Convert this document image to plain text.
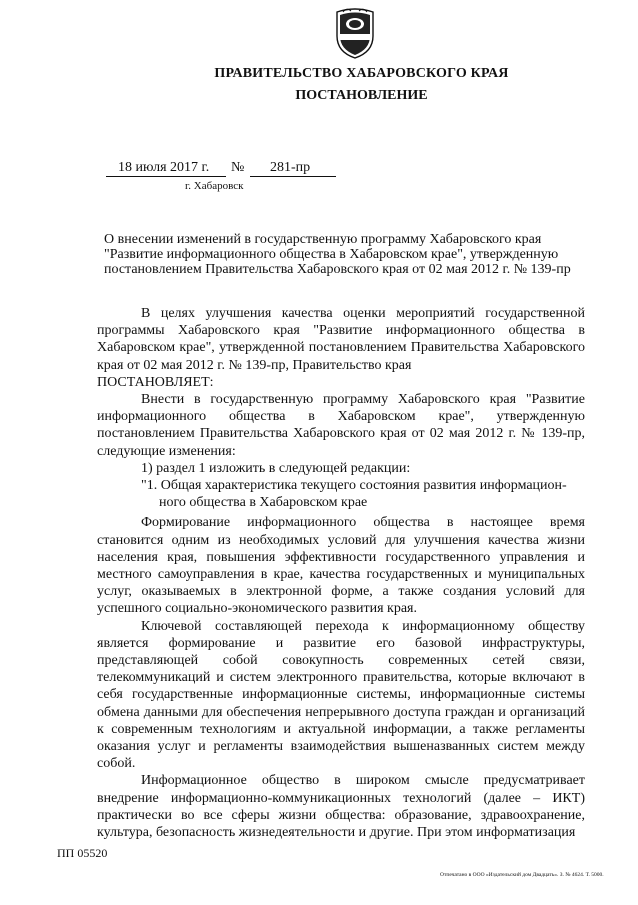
ПРАВИТЕЛЬСТВО ХАБАРОВСКОГО КРАЯ
ПОСТАНОВЛЕНИЕ
18 июля 2017 г. № 281-пр
г. Хабаровск
О внесении изменений в государственную программу Хабаровского края
"Развитие информационного общества в Хабаровском крае", утвержденную
постановлением Правительства Хабаровского края от 02 мая 2012 г. № 139-пр

В целях улучшения качества оценки мероприятий государственной программы Хабаровского края "Развитие информационного общества в Хабаровском крае", утвержденной постановлением Правительства Хабаровского края от 02 мая 2012 г. № 139-пр, Правительство края

ПОСТАНОВЛЯЕТ:

Внести в государственную программу Хабаровского края "Развитие информационного общества в Хабаровском крае", утвержденную постановлением Правительства Хабаровского края от 02 мая 2012 г. № 139-пр, следующие изменения:

1) раздел 1 изложить в следующей редакции:

"1. Общая характеристика текущего состояния развития информацион-

ного общества в Хабаровском крае

Формирование информационного общества в настоящее время становится одним из необходимых условий для улучшения качества жизни населения края, повышения эффективности государственного управления и местного самоуправления в крае, качества государственных и муниципальных услуг, оказываемых в электронной форме, а также создания условий для успешного социально-экономического развития края.

Ключевой составляющей перехода к информационному обществу является формирование и развитие его базовой инфраструктуры, представляющей собой совокупность современных сетей связи, телекоммуникаций и систем электронного правительства, которые включают в себя государственные информационные системы, информационные системы обмена данными для обеспечения непрерывного доступа граждан и организаций к современным технологиям и актуальной информации, а также регламенты оказания услуг и регламенты взаимодействия вышеназванных систем между собой.

Информационное общество в широком смысле предусматривает внедрение информационно-коммуникационных технологий (далее – ИКТ) практически во все сферы жизни общества: образование, здравоохранение, культура, безопасность жизнедеятельности и другие. При этом информатизация

ПП 05520
Отпечатано в ООО «Издательский дом Двадцать». З. № 4624. Т. 5000.
